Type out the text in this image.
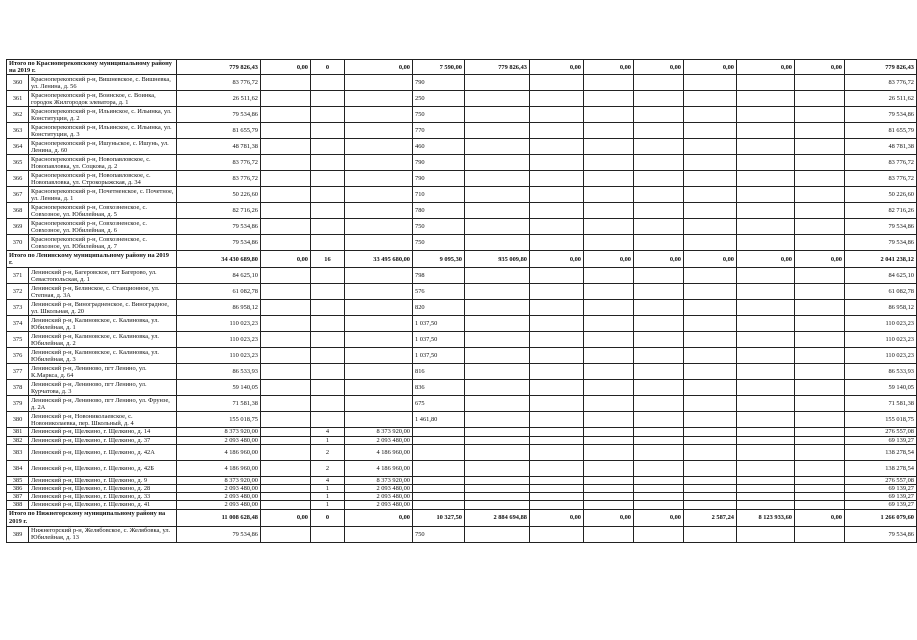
Итого по Красноперекопскому муниципальному району на 2019 г.		779 826,43	0,00	0	0,00	7 590,00	779 826,43	0,00	0,00	0,00	0,00	0,00	0,00	779 826,43
360	Красноперекопский р-н, Вишневское, с. Вишневка, ул. Ленина, д. 56	83 776,72				790								83 776,72
361	Красноперекопский р-н, Воинское, с. Воинка, городок Жилгородок элеватора, д. 1	26 511,62				250								26 511,62
362	Красноперекопский р-н, Ильинское, с. Ильинка, ул. Конституции, д. 2	79 534,86				750								79 534,86
363	Красноперекопский р-н, Ильинское, с. Ильинка, ул. Конституции, д. 3	81 655,79				770								81 655,79
364	Красноперекопский р-н, Ишуньское, с. Ишунь, ул. Ленина, д. 60	48 781,38				460								48 781,38
365	Красноперекопский р-н, Новопавловское, с. Новопавловка, ул. Соцкова, д. 2	83 776,72				790								83 776,72
366	Красноперекопский р-н, Новопавловское, с. Новопавловка, ул. Строкорыжская, д. 34	83 776,72				790								83 776,72
367	Красноперекопский р-н, Почетненское, с. Почетное, ул. Ленина, д. 1	50 226,60				710								50 226,60
368	Красноперекопский р-н, Совхозненское, с. Совхозное, ул. Юбилейная, д. 5	82 716,26				780								82 716,26
369	Красноперекопский р-н, Совхозненское, с. Совхозное, ул. Юбилейная, д. 6	79 534,86				750								79 534,86
370	Красноперекопский р-н, Совхозненское, с. Совхозное, ул. Юбилейная, д. 7	79 534,86				750								79 534,86
Итого по Ленинскому муниципальному району на 2019 г.		34 430 689,80	0,00	16	33 495 680,00	9 095,30	935 009,80	0,00	0,00	0,00	0,00	0,00	0,00	2 041 238,12
371	Ленинский р-н, Багеровское, пгт Багерово, ул. Севастопольская, д. 1	84 625,10				798								84 625,10
372	Ленинский р-н, Белинское, с. Станционное, ул. Степная, д. 3А	61 082,78				576								61 082,78
373	Ленинский р-н, Виноградненское, с. Виноградное, ул. Школьная, д. 20	86 958,12				820								86 958,12
374	Ленинский р-н, Калиновское, с. Калиновка, ул. Юбилейная, д. 1	110 023,23				1 037,50								110 023,23
375	Ленинский р-н, Калиновское, с. Калиновка, ул. Юбилейная, д. 2	110 023,23				1 037,50								110 023,23
376	Ленинский р-н, Калиновское, с. Калиновка, ул. Юбилейная, д. 3	110 023,23				1 037,50								110 023,23
377	Ленинский р-н, Лениново, пгт Ленино, ул. К.Маркса, д. 64	86 533,93				816								86 533,93
378	Ленинский р-н, Лениново, пгт Ленино, ул. Курчатова, д. 3	59 140,05				836								59 140,05
379	Ленинский р-н, Лениново, пгт Ленино, ул. Фрунзе, д. 2А	71 581,38				675								71 581,38
380	Ленинский р-н, Новониколаевское, с. Новониколаевка, пер. Школьный, д. 4	155 018,75				1 461,80								155 018,75
381	Ленинский р-н, Щелкино, г. Щелкино, д. 14	8 373 920,00		4	8 373 920,00									276 557,08
382	Ленинский р-н, Щелкино, г. Щелкино, д. 37	2 093 480,00		1	2 093 480,00									69 139,27
383	Ленинский р-н, Щелкино, г. Щелкино, д. 42А	4 186 960,00		2	4 186 960,00									138 278,54
384	Ленинский р-н, Щелкино, г. Щелкино, д. 42Б	4 186 960,00		2	4 186 960,00									138 278,54
385	Ленинский р-н, Щелкино, г. Щелкино, д. 9	8 373 920,00		4	8 373 920,00									276 557,08
386	Ленинский р-н, Щелкино, г. Щелкино, д. 28	2 093 480,00		1	2 093 480,00									69 139,27
387	Ленинский р-н, Щелкино, г. Щелкино, д. 33	2 093 480,00		1	2 093 480,00									69 139,27
388	Ленинский р-н, Щелкино, г. Щелкино, д. 41	2 093 480,00		1	2 093 480,00									69 139,27
Итого по Нижнегорскому муниципальному району на 2019 г.		11 008 628,48	0,00	0	0,00	10 327,50	2 884 694,88	0,00	0,00	0,00	2 587,24	8 123 933,60	0,00	1 266 079,60
389	Нижнегорский р-н, Желябовское, с. Желябовка, ул. Юбилейная, д. 13	79 534,86				750								79 534,86
